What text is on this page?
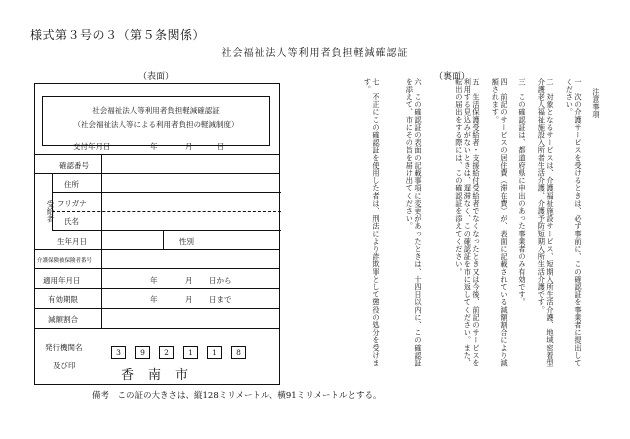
様式第３号の３（第５条関係）
社会福祉法人等利用者負担軽減確認証
（表面）	（裏面）
社会福祉法人等利用者負担軽減確認証
（社会福祉法人等による利用者負担の軽減制度）
交付年月日	年	月	日
確認番号
受給者
住所
フリガナ
氏名
生年月日	性別
介護保険被保険者番号
適用年月日	年	月 日から
有効期限	年	月 日まで
減額割合
発行機関名
及び印
3	9	2	1	1	8
香南市
注意事項
一　次の介護サービスを受けるときは、必ず事前に、この確認証を事業者に提出してください。
二　対象となるサービスは、介護福祉施設サービス、短期入所生活介護、地域密着型介護老人福祉施設入所者生活介護、介護予防短期入所生活介護です。
三　この確認証は、都道府県に申出のあった事業者のみ有効です。
四　前記のサービスの居住費（滞在費）が、表面に記載されている減額割合により減額されます。
五　生活保護受給者・支援給付受給者でなくなったとき又は今後、前記のサービスを利用する見込みがないときは、遅滞なく、この確認証を市に返してください。また、転出の届出をする際には、この確認証を添えてください。
六　この確認証の表面の記載事項に変更があったときは、十四日以内に、この確認証を添えて、市にその旨を届け出てください。
七　不正にこの確認証を使用した者は、刑法により詐欺罪として懲役の処分を受けます。
備考　この証の大きさは、縦128ミリメートル、横91ミリメートルとする。
